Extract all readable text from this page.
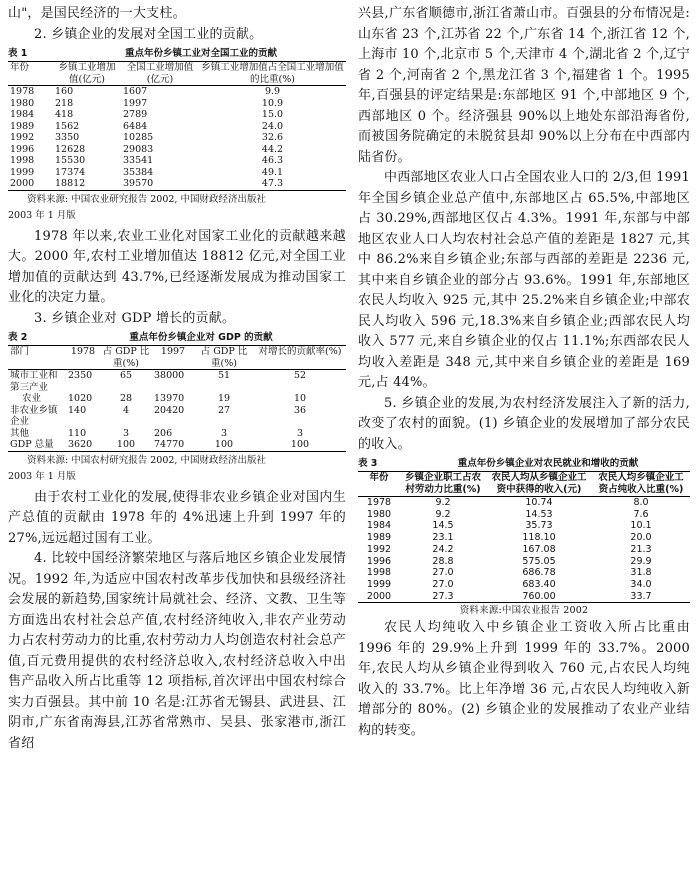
山"，是国民经济的一大支柱。

2. 乡镇企业的发展对全国工业的贡献。

表 1	重点年份乡镇工业对全国工业的贡献
年份	乡镇工业增加值(亿元)	全国工业增加值(亿元)	乡镇工业增加值占全国工业增加值的比重(%)
1978	160	1607	9.9
1980	218	1997	10.9
1984	418	2789	15.0
1989	1562	6484	24.0
1992	3350	10285	32.6
1996	12628	29083	44.2
1998	15530	33541	46.3
1999	17374	35384	49.1
2000	18812	39570	47.3

资料来源: 中国农业研究报告 2002, 中国财政经济出版社

2003 年 1 月版

1978 年以来,农业工业化对国家工业化的贡献越来越大。2000 年,农村工业增加值达 18812 亿元,对全国工业增加值的贡献达到 43.7%,已经逐渐发展成为推动国家工业化的决定力量。

3. 乡镇企业对 GDP 增长的贡献。

表 2	重点年份乡镇企业对 GDP 的贡献
部门	1978	占 GDP 比重(%)	1997	占 GDP 比重(%)	对增长的贡献率(%)
城市工业和第三产业	2350	65	38000	51	52
农业	1020	28	13970	19	10
非农业乡镇企业	140	4	20420	27	36
其他	110	3	206	3	3
GDP 总量	3620	100	74770	100	100

资料来源: 中国农村研究报告 2002, 中国财政经济出版社

2003 年 1 月版

由于农村工业化的发展,使得非农业乡镇企业对国内生产总值的贡献由 1978 年的 4%迅速上升到 1997 年的 27%,远远超过国有工业。

4. 比较中国经济繁荣地区与落后地区乡镇企业发展情况。1992 年,为适应中国农村改革步伐加快和县级经济社会发展的新趋势,国家统计局就社会、经济、文教、卫生等方面选出农村社会总产值,农村经济纯收入,非农产业劳动力占农村劳动力的比重,农村劳动力人均创造农村社会总产值,百元费用提供的农村经济总收入,农村经济总收入中出售产品收入所占比重等 12 项指标,首次评出中国农村综合实力百强县。其中前 10 名是:江苏省无锡县、武进县、江阴市,广东省南海县,江苏省常熟市、吴县、张家港市,浙江省绍

兴县,广东省顺德市,浙江省萧山市。百强县的分布情况是:山东省 23 个,江苏省 22 个,广东省 14 个,浙江省 12 个,上海市 10 个,北京市 5 个,天津市 4 个,湖北省 2 个,辽宁省 2 个,河南省 2 个,黑龙江省 3 个,福建省 1 个。1995 年,百强县的评定结果是:东部地区 91 个,中部地区 9 个,西部地区 0 个。经济强县 90%以上地处东部沿海省份,而被国务院确定的未脱贫县却 90%以上分布在中西部内陆省份。

中西部地区农业人口占全国农业人口的 2/3,但 1991 年全国乡镇企业总产值中,东部地区占 65.5%,中部地区占 30.29%,西部地区仅占 4.3%。1991 年,东部与中部地区农业人口人均农村社会总产值的差距是 1827 元,其中 86.2%来自乡镇企业;东部与西部的差距是 2236 元,其中来自乡镇企业的部分占 93.6%。1991 年,东部地区农民人均收入 925 元,其中 25.2%来自乡镇企业;中部农民人均收入 596 元,18.3%来自乡镇企业;西部农民人均收入 577 元,来自乡镇企业的仅占 11.1%;东西部农民人均收入差距是 348 元,其中来自乡镇企业的差距是 169 元,占 44%。

5. 乡镇企业的发展,为农村经济发展注入了新的活力,改变了农村的面貌。(1) 乡镇企业的发展增加了部分农民的收入。

表 3	重点年份乡镇企业对农民就业和增收的贡献
年份	乡镇企业职工占农村劳动力比重(%)	农民人均从乡镇企业工资中获得的收入(元)	农民人均乡镇企业工资占纯收入比重(%)
1978	9.2	10.74	8.0
1980	9.2	14.53	7.6
1984	14.5	35.73	10.1
1989	23.1	118.10	20.0
1992	24.2	167.08	21.3
1996	28.8	575.05	29.9
1998	27.0	686.78	31.8
1999	27.0	683.40	34.0
2000	27.3	760.00	33.7

资料来源:中国农业报告 2002

农民人均纯收入中乡镇企业工资收入所占比重由 1996 年的 29.9%上升到 1999 年的 33.7%。2000 年,农民人均从乡镇企业得到收入 760 元,占农民人均纯收入的 33.7%。比上年净增 36 元,占农民人均纯收入新增部分的 80%。(2) 乡镇企业的发展推动了农业产业结构的转变。
